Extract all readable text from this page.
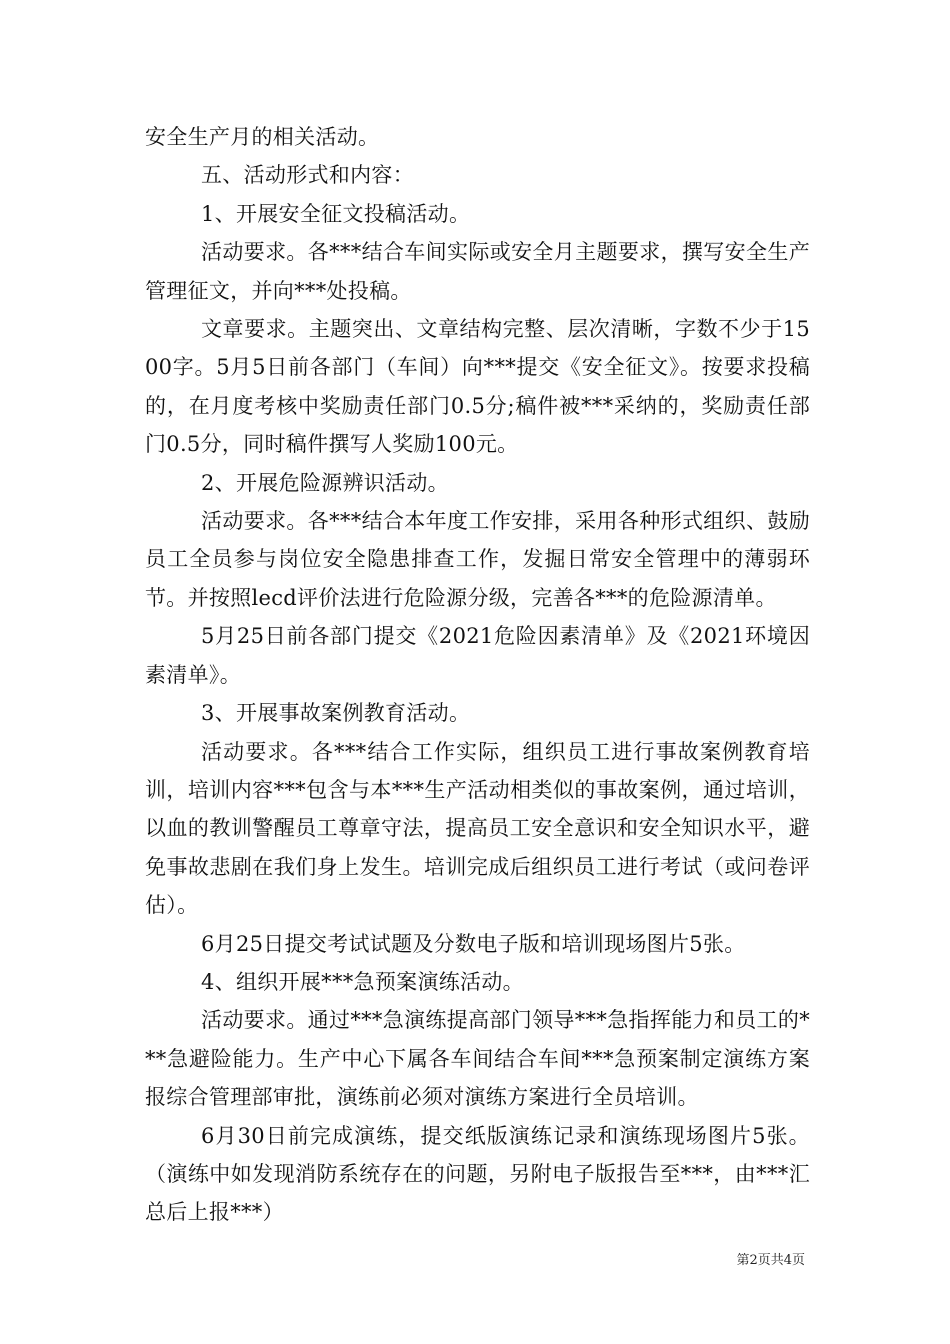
安全生产月的相关活动。

五、活动形式和内容：

1、开展安全征文投稿活动。

活动要求。各***结合车间实际或安全月主题要求，撰写安全生产管理征文，并向***处投稿。

文章要求。主题突出、文章结构完整、层次清晰，字数不少于1500字。5月5日前各部门（车间）向***提交《安全征文》。按要求投稿的，在月度考核中奖励责任部门0.5分;稿件被***采纳的，奖励责任部门0.5分，同时稿件撰写人奖励100元。

2、开展危险源辨识活动。

活动要求。各***结合本年度工作安排，采用各种形式组织、鼓励员工全员参与岗位安全隐患排查工作，发掘日常安全管理中的薄弱环节。并按照lecd评价法进行危险源分级，完善各***的危险源清单。

5月25日前各部门提交《2021危险因素清单》及《2021环境因素清单》。

3、开展事故案例教育活动。

活动要求。各***结合工作实际，组织员工进行事故案例教育培训，培训内容***包含与本***生产活动相类似的事故案例，通过培训，以血的教训警醒员工尊章守法，提高员工安全意识和安全知识水平，避免事故悲剧在我们身上发生。培训完成后组织员工进行考试（或问卷评估）。

6月25日提交考试试题及分数电子版和培训现场图片5张。

4、组织开展***急预案演练活动。

活动要求。通过***急演练提高部门领导***急指挥能力和员工的***急避险能力。生产中心下属各车间结合车间***急预案制定演练方案报综合管理部审批，演练前必须对演练方案进行全员培训。

6月30日前完成演练，提交纸版演练记录和演练现场图片5张。（演练中如发现消防系统存在的问题，另附电子版报告至***，由***汇总后上报***）

第2页共4页
